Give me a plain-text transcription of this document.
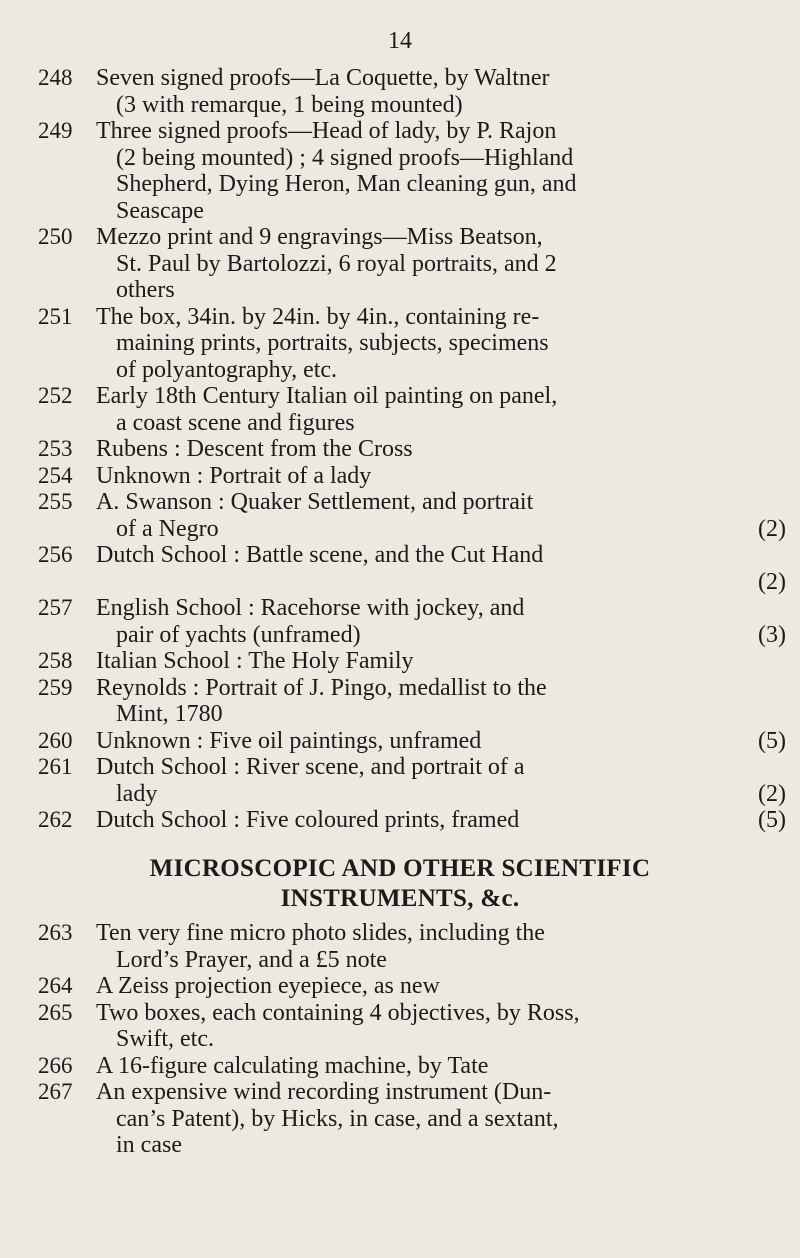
14
248 Seven signed proofs—La Coquette, by Waltner
(3 with remarque, 1 being mounted)
249 Three signed proofs—Head of lady, by P. Rajon
(2 being mounted) ; 4 signed proofs—Highland
Shepherd, Dying Heron, Man cleaning gun, and
Seascape
250 Mezzo print and 9 engravings—Miss Beatson,
St. Paul by Bartolozzi, 6 royal portraits, and 2
others
251 The box, 34in. by 24in. by 4in., containing re-
maining prints, portraits, subjects, specimens
of polyantography, etc.
252 Early 18th Century Italian oil painting on panel,
a coast scene and figures
253 Rubens : Descent from the Cross
254 Unknown : Portrait of a lady
255 A. Swanson : Quaker Settlement, and portrait
of a Negro	(2)
256 Dutch School : Battle scene, and the Cut Hand
(2)
257 English School : Racehorse with jockey, and
pair of yachts (unframed)	(3)
258 Italian School : The Holy Family
259 Reynolds : Portrait of J. Pingo, medallist to the
Mint, 1780
260 Unknown : Five oil paintings, unframed	(5)
261 Dutch School : River scene, and portrait of a
lady	(2)
262 Dutch School : Five coloured prints, framed	(5)
MICROSCOPIC AND OTHER SCIENTIFIC
INSTRUMENTS, &c.
263 Ten very fine micro photo slides, including the
Lord’s Prayer, and a £5 note
264 A Zeiss projection eyepiece, as new
265 Two boxes, each containing 4 objectives, by Ross,
Swift, etc.
266 A 16-figure calculating machine, by Tate
267 An expensive wind recording instrument (Dun-
can’s Patent), by Hicks, in case, and a sextant,
in case
